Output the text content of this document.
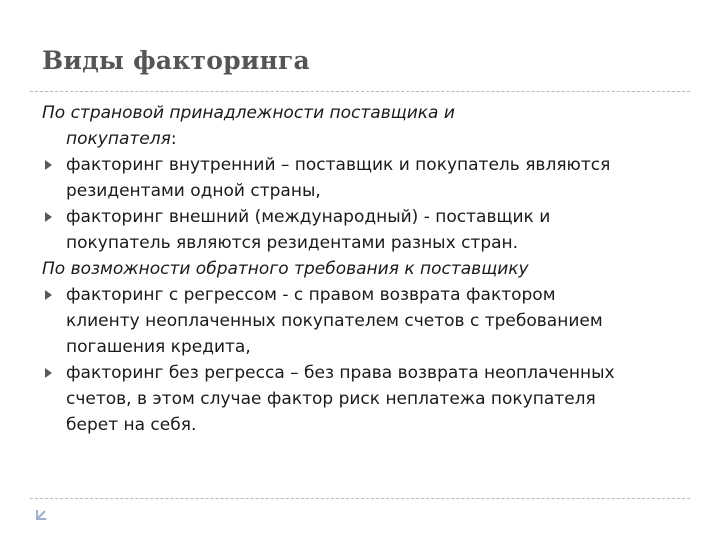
Виды факторинга
По страновой принадлежности поставщика и
покупателя:
факторинг внутренний – поставщик и покупатель являются
резидентами одной страны,
факторинг внешний (международный) - поставщик и
покупатель являются резидентами разных стран.
По возможности обратного требования к поставщику
факторинг с регрессом - с правом возврата фактором
клиенту неоплаченных покупателем счетов с требованием
погашения кредита,
факторинг без регресса – без права возврата неоплаченных
счетов, в этом случае фактор риск неплатежа покупателя
берет на себя.
